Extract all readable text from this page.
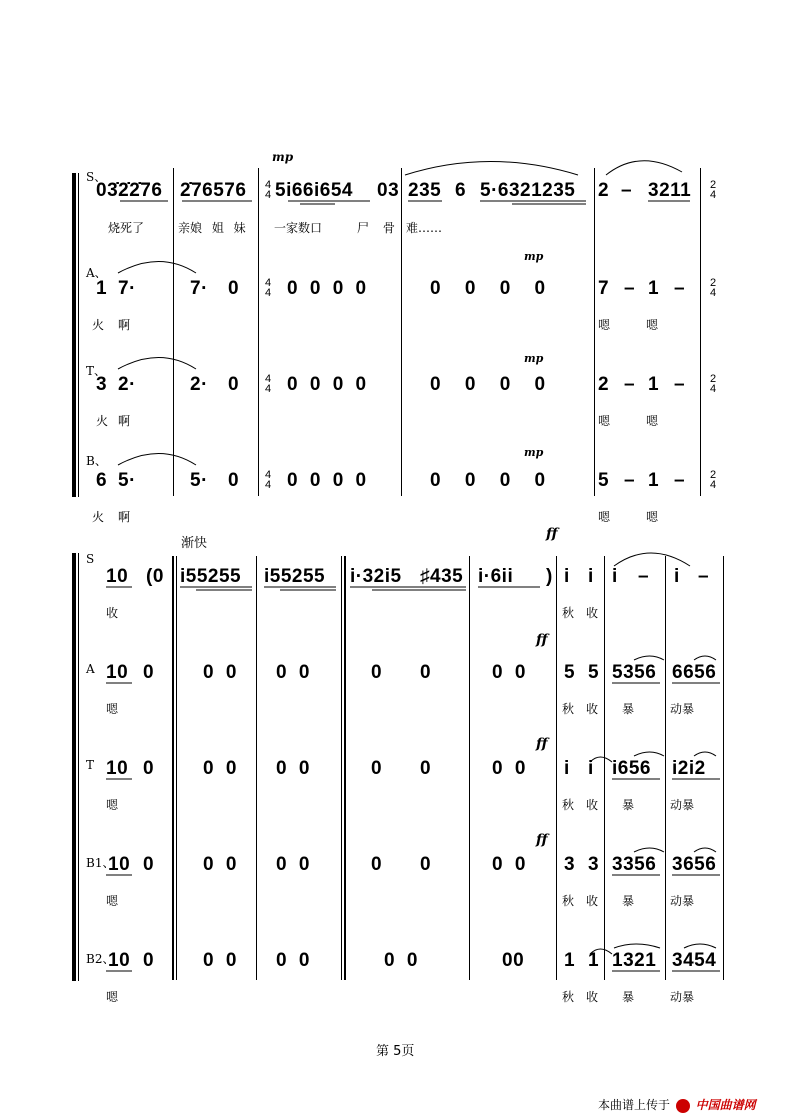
mp
S、
03̇2̇2̇76 2̇76576 4
4 5i66i654 03 235 6 5·6321235 2 – 3211 2
4
烧死了	亲娘 姐 妹 一家数口	尸 骨 难……
A、
1 7·	7· 0 4
4 0 0 0 0	0 0 0 0
mp
7 – 1 – 2
4
火 啊	嗯	嗯
T、
3 2·	2· 0 4
4 0 0 0 0	0 0 0 0
mp
2 – 1 – 2
4
火 啊	嗯	嗯
B、
6 5·	5· 0 4
4 0 0 0 0	0 0 0 0
mp
5 – 1 – 2
4
火 啊	嗯	嗯
渐快
ff
S
10 (0 i55255 i55255 i·32i5 ♯435 i·6ii ) i i i – i –
收	秋 收
ff
A 10 0	0 0 0 0	0 0	0 0 5 5 5356 6656
嗯	秋 收 暴	动暴
ff
T 10 0	0 0 0 0	0 0	0 0 i i i656 i2i2
嗯	秋 收 暴	动暴
ff
B1、
10 0	0 0 0 0	0 0	0 0 3 3 3356 3656
嗯	秋 收 暴	动暴
B2、
10 0	0 0 0 0	0 0	00 1 1 1321 3454
嗯	秋 收 暴	动暴
第 5页
本曲谱上传于 中国曲谱网
